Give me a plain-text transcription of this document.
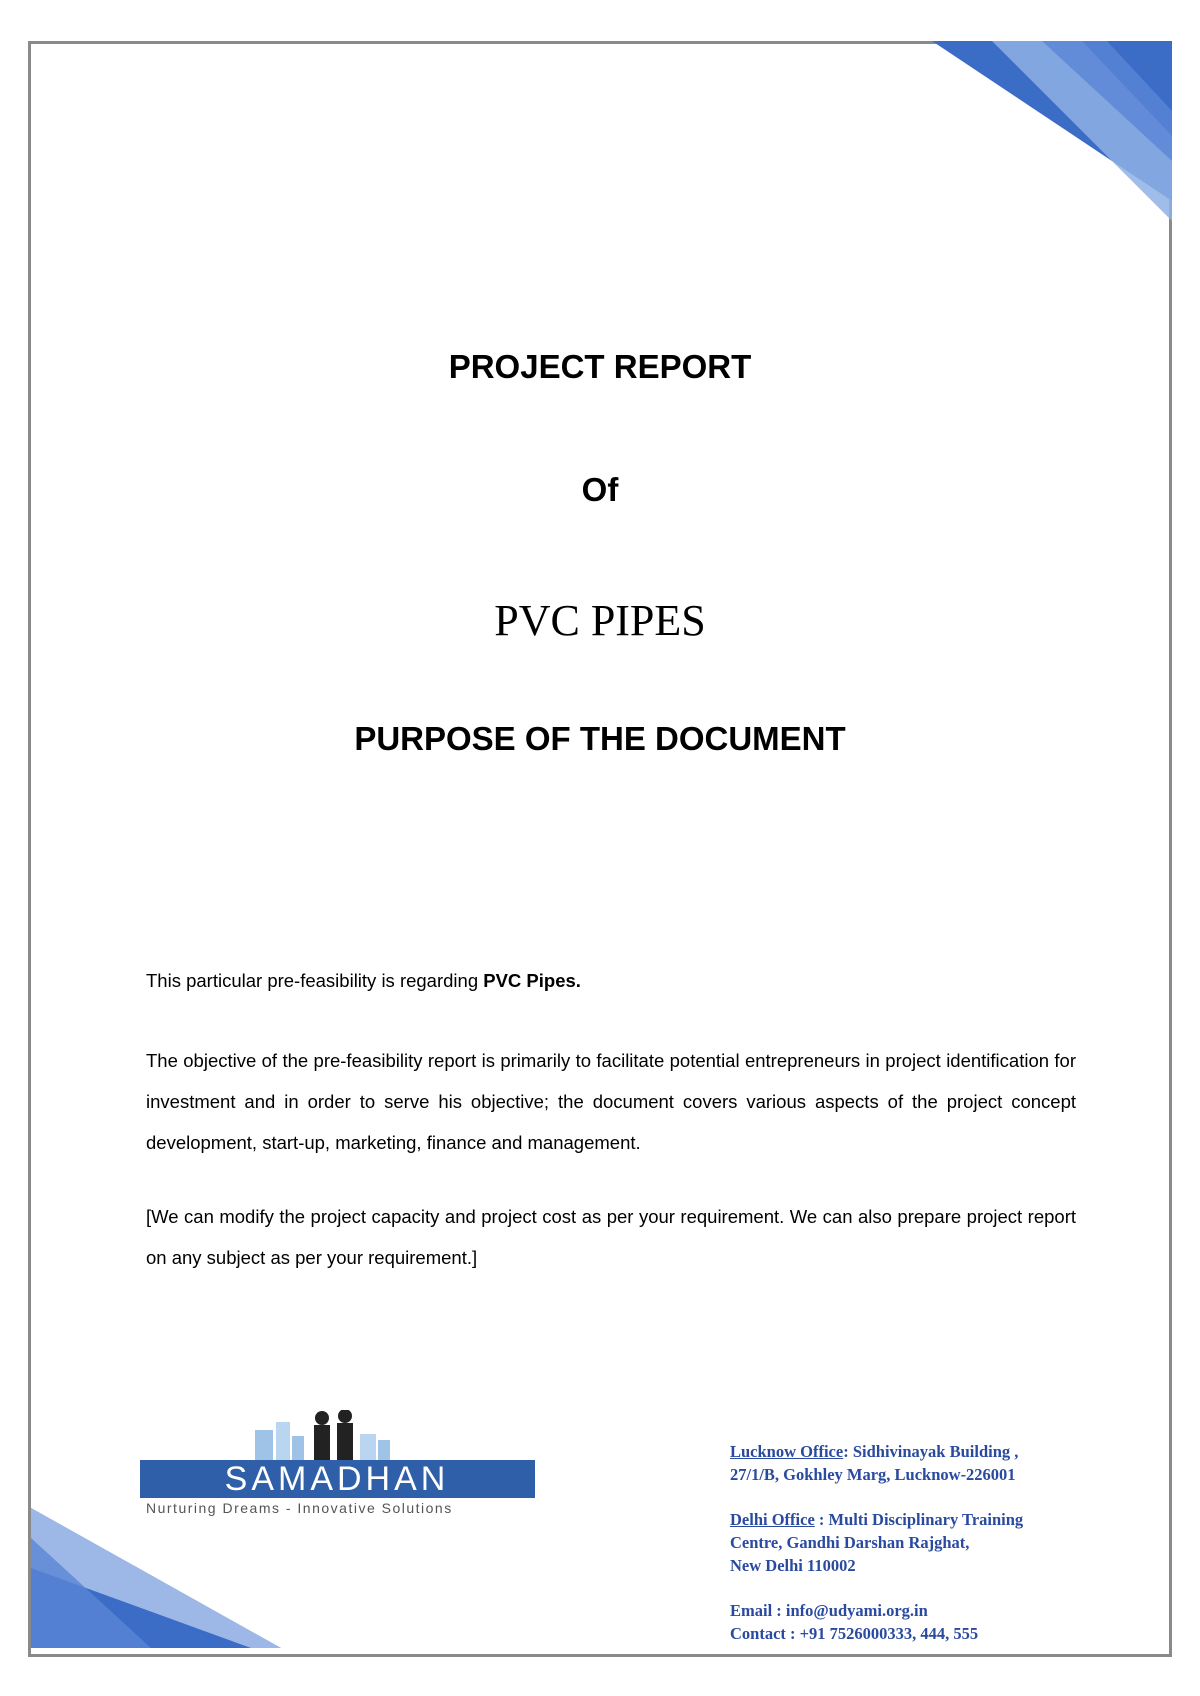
PROJECT REPORT
Of
PVC PIPES
PURPOSE OF THE DOCUMENT
This particular pre-feasibility is regarding PVC Pipes.
The objective of the pre-feasibility report is primarily to facilitate potential entrepreneurs in project identification for investment and in order to serve his objective; the document covers various aspects of the project concept development, start-up, marketing, finance and management.
[We can modify the project capacity and project cost as per your requirement. We can also prepare project report on any subject as per your requirement.]
SAMADHAN
Nurturing Dreams - Innovative Solutions
Lucknow Office: Sidhivinayak Building ,
27/1/B, Gokhley Marg, Lucknow-226001
Delhi Office : Multi Disciplinary Training
Centre, Gandhi Darshan Rajghat,
New Delhi 110002
Email : info@udyami.org.in
Contact : +91 7526000333, 444, 555
